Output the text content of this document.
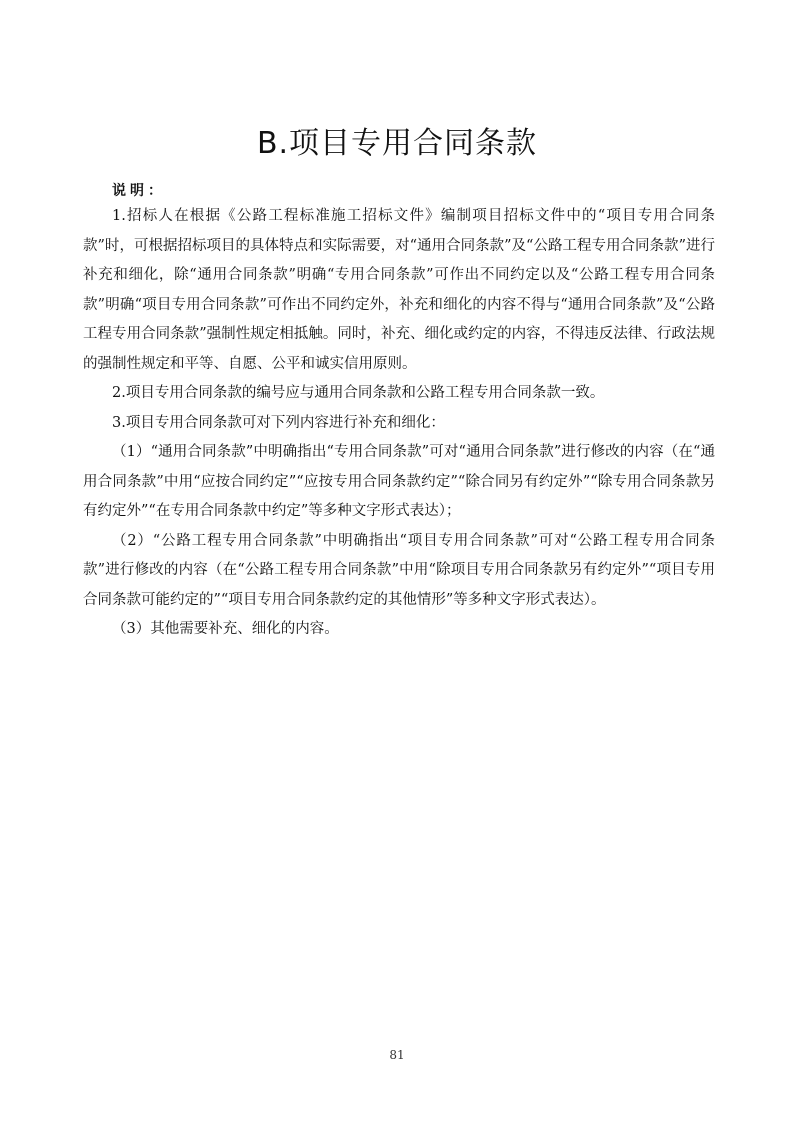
B.项目专用合同条款

说明：

1.招标人在根据《公路工程标准施工招标文件》编制项目招标文件中的“项目专用合同条款”时，可根据招标项目的具体特点和实际需要，对“通用合同条款”及“公路工程专用合同条款”进行补充和细化，除“通用合同条款”明确“专用合同条款”可作出不同约定以及“公路工程专用合同条款”明确“项目专用合同条款”可作出不同约定外，补充和细化的内容不得与“通用合同条款”及“公路工程专用合同条款”强制性规定相抵触。同时，补充、细化或约定的内容，不得违反法律、行政法规的强制性规定和平等、自愿、公平和诚实信用原则。

2.项目专用合同条款的编号应与通用合同条款和公路工程专用合同条款一致。

3.项目专用合同条款可对下列内容进行补充和细化：

（1）“通用合同条款”中明确指出“专用合同条款”可对“通用合同条款”进行修改的内容（在“通用合同条款”中用“应按合同约定”“应按专用合同条款约定”“除合同另有约定外”“除专用合同条款另有约定外”“在专用合同条款中约定”等多种文字形式表达）；

（2）“公路工程专用合同条款”中明确指出“项目专用合同条款”可对“公路工程专用合同条款”进行修改的内容（在“公路工程专用合同条款”中用“除项目专用合同条款另有约定外”“项目专用合同条款可能约定的”“项目专用合同条款约定的其他情形”等多种文字形式表达）。

（3）其他需要补充、细化的内容。

81
